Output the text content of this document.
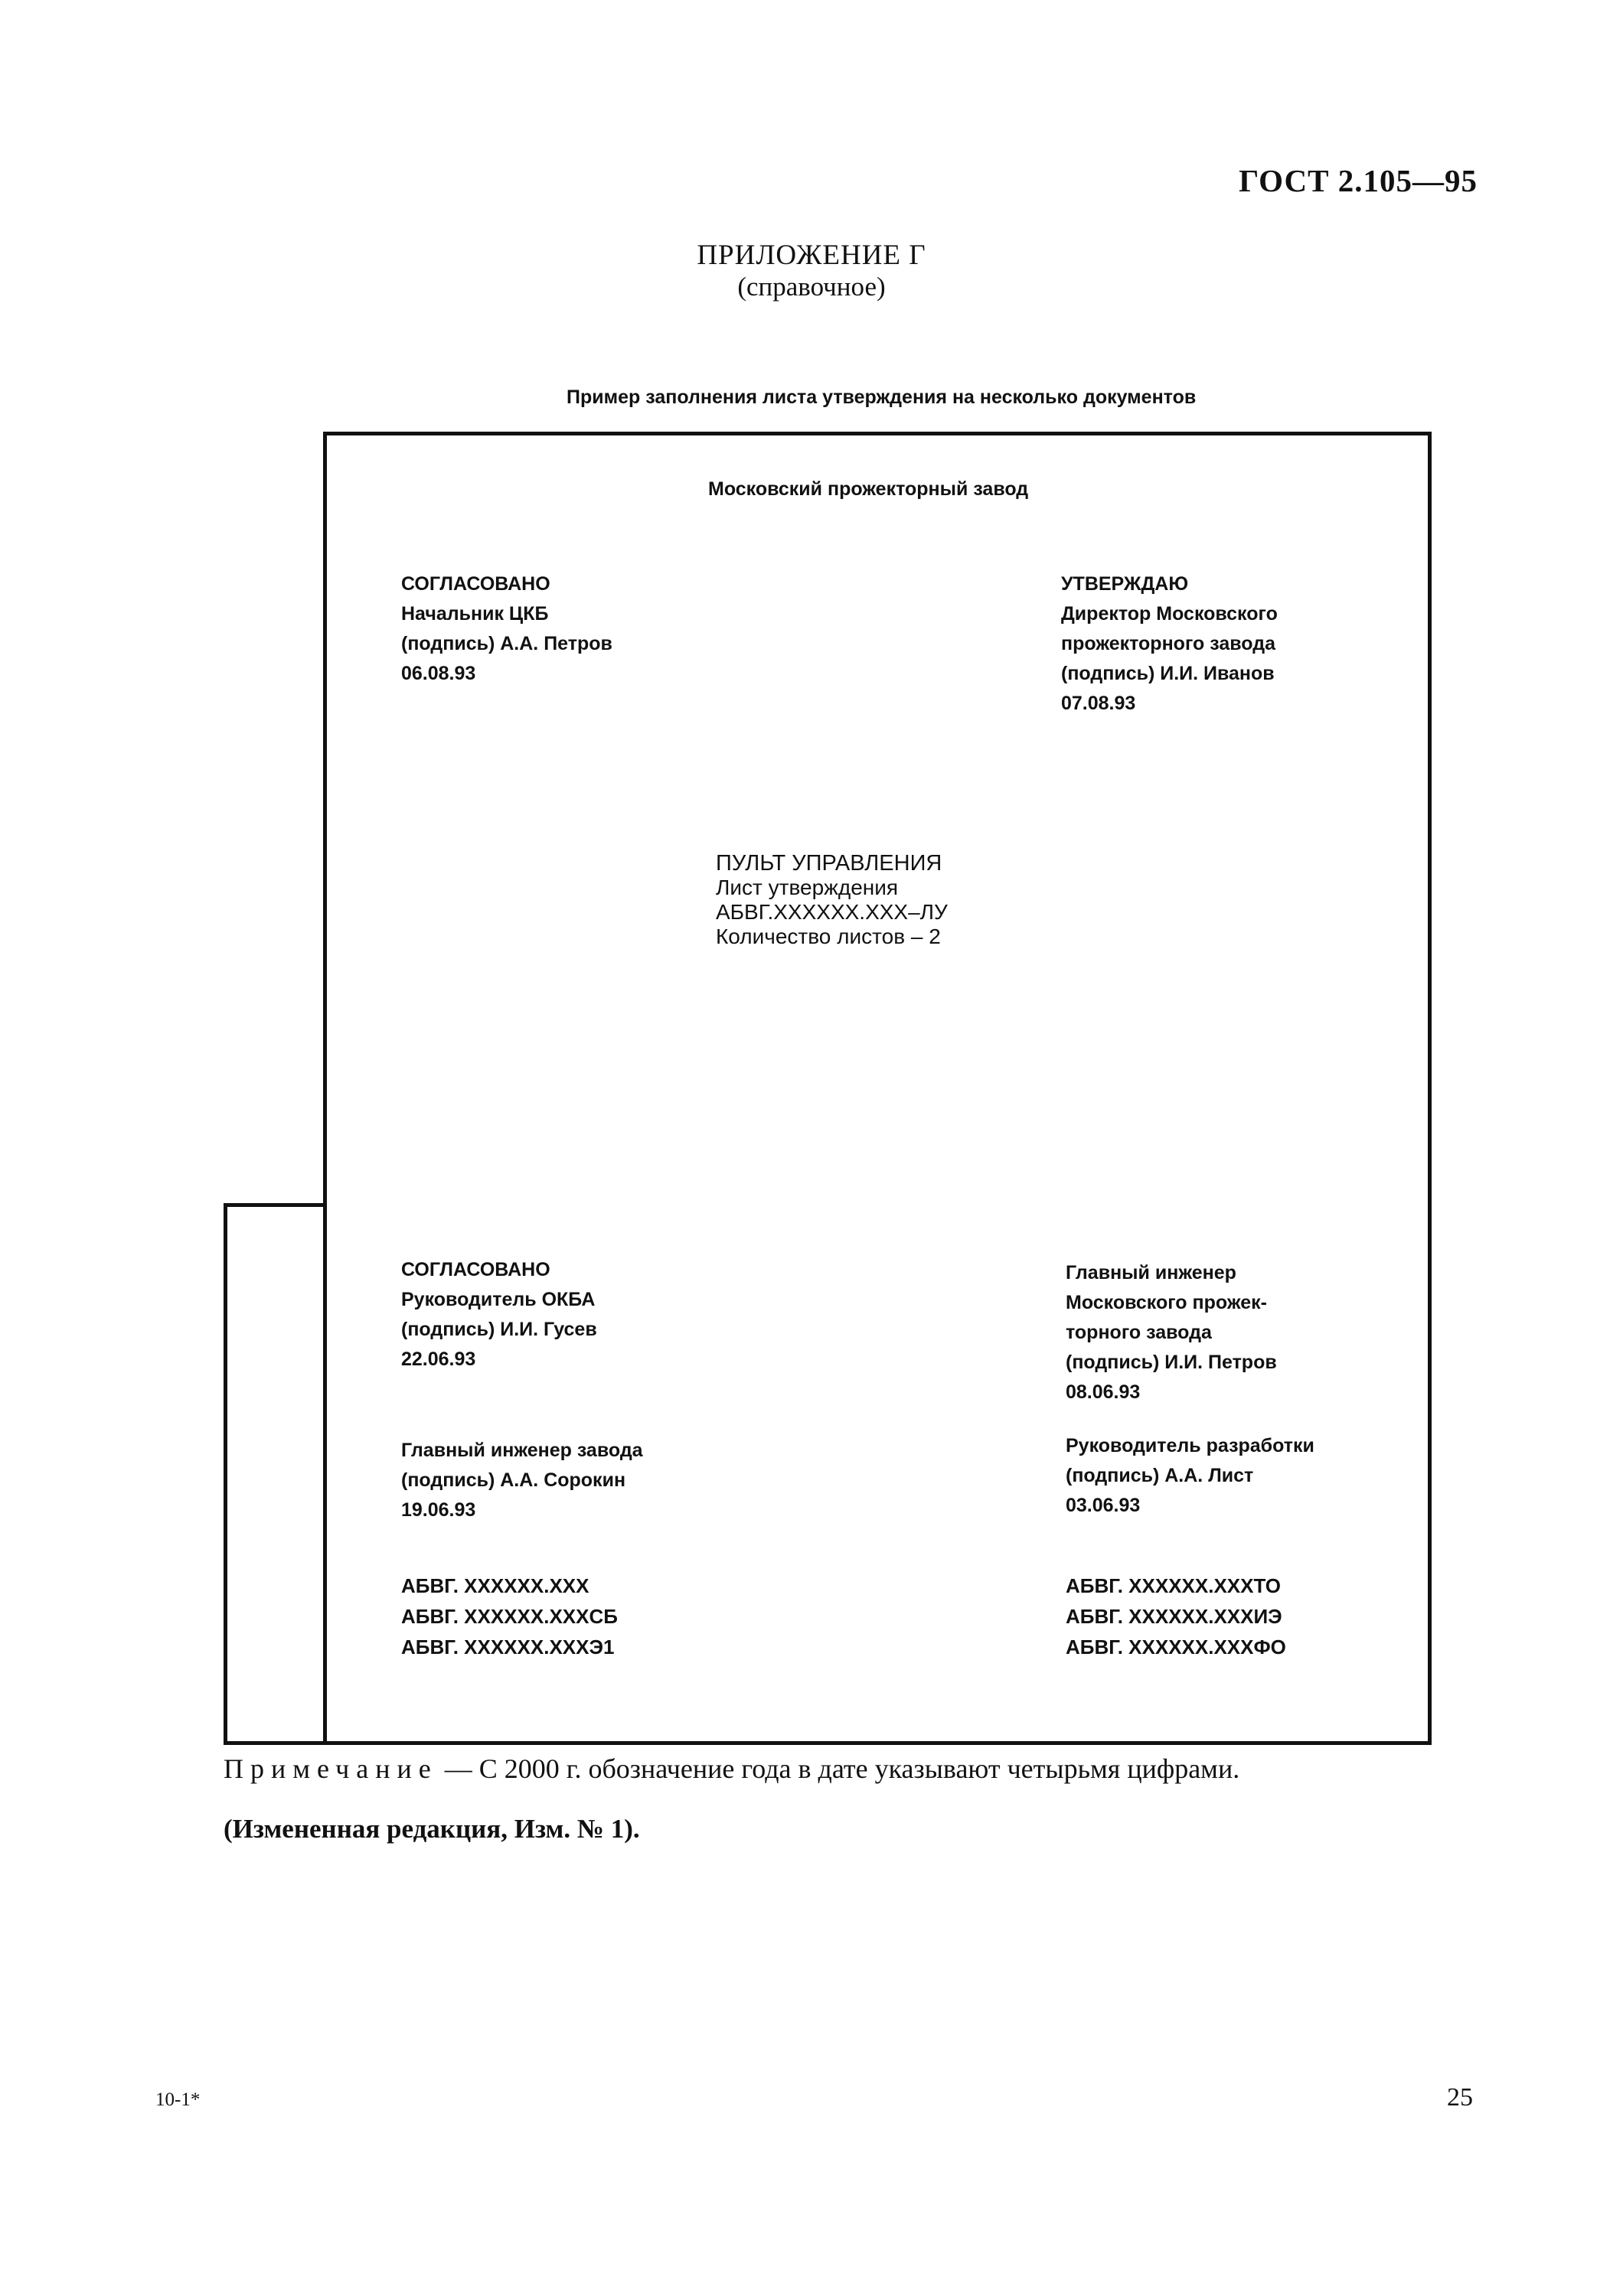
ГОСТ 2.105—95
ПРИЛОЖЕНИЕ Г
(справочное)
Пример заполнения листа утверждения на несколько документов
Московский прожекторный завод
СОГЛАСОВАНО
Начальник ЦКБ
(подпись) А.А. Петров
06.08.93
УТВЕРЖДАЮ
Директор Московского
прожекторного завода
(подпись) И.И. Иванов
07.08.93
ПУЛЬТ УПРАВЛЕНИЯ
Лист утверждения
АБВГ.XXXXXX.XXX–ЛУ
Количество листов – 2
СОГЛАСОВАНО
Руководитель ОКБА
(подпись) И.И. Гусев
22.06.93
Главный инженер
Московского прожек-
торного завода
(подпись) И.И. Петров
08.06.93
Главный инженер завода
(подпись) А.А. Сорокин
19.06.93
Руководитель разработки
(подпись) А.А. Лист
03.06.93
АБВГ. XXXXXX.XXX
АБВГ. XXXXXX.XXXСБ
АБВГ. XXXXXX.XXXЭ1
АБВГ. XXXXXX.XXXТО
АБВГ. XXXXXX.XXXИЭ
АБВГ. XXXXXX.XXXФО
Примечание — С 2000 г. обозначение года в дате указывают четырьмя цифрами.
(Измененная редакция, Изм. № 1).
10-1*	25
